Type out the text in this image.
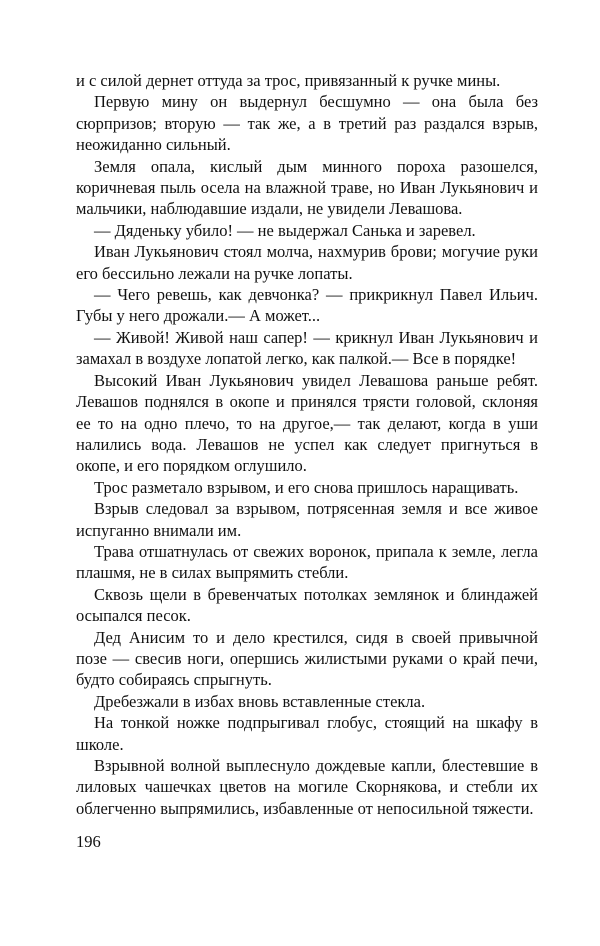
и с силой дернет оттуда за трос, привязанный к ручке мины.

Первую мину он выдернул бесшумно — она была без сюрпризов; вторую — так же, а в третий раз раздался взрыв, неожиданно сильный.

Земля опала, кислый дым минного пороха разошелся, коричневая пыль осела на влажной траве, но Иван Лукьянович и мальчики, наблюдавшие издали, не увидели Левашова.

— Дяденьку убило! — не выдержал Санька и заревел.

Иван Лукьянович стоял молча, нахмурив брови; могучие руки его бессильно лежали на ручке лопаты.

— Чего ревешь, как девчонка? — прикрикнул Павел Ильич. Губы у него дрожали.— А может...

— Живой! Живой наш сапер! — крикнул Иван Лукьянович и замахал в воздухе лопатой легко, как палкой.— Все в порядке!

Высокий Иван Лукьянович увидел Левашова раньше ребят. Левашов поднялся в окопе и принялся трясти головой, склоняя ее то на одно плечо, то на другое,— так делают, когда в уши налились вода. Левашов не успел как следует пригнуться в окопе, и его порядком оглушило.

Трос разметало взрывом, и его снова пришлось наращивать.

Взрыв следовал за взрывом, потрясенная земля и все живое испуганно внимали им.

Трава отшатнулась от свежих воронок, припала к земле, легла плашмя, не в силах выпрямить стебли.

Сквозь щели в бревенчатых потолках землянок и блиндажей осыпался песок.

Дед Анисим то и дело крестился, сидя в своей привычной позе — свесив ноги, опершись жилистыми руками о край печи, будто собираясь спрыгнуть.

Дребезжали в избах вновь вставленные стекла.

На тонкой ножке подпрыгивал глобус, стоящий на шкафу в школе.

Взрывной волной выплеснуло дождевые капли, блестевшие в лиловых чашечках цветов на могиле Скорнякова, и стебли их облегченно выпрямились, избавленные от непосильной тяжести.

196
